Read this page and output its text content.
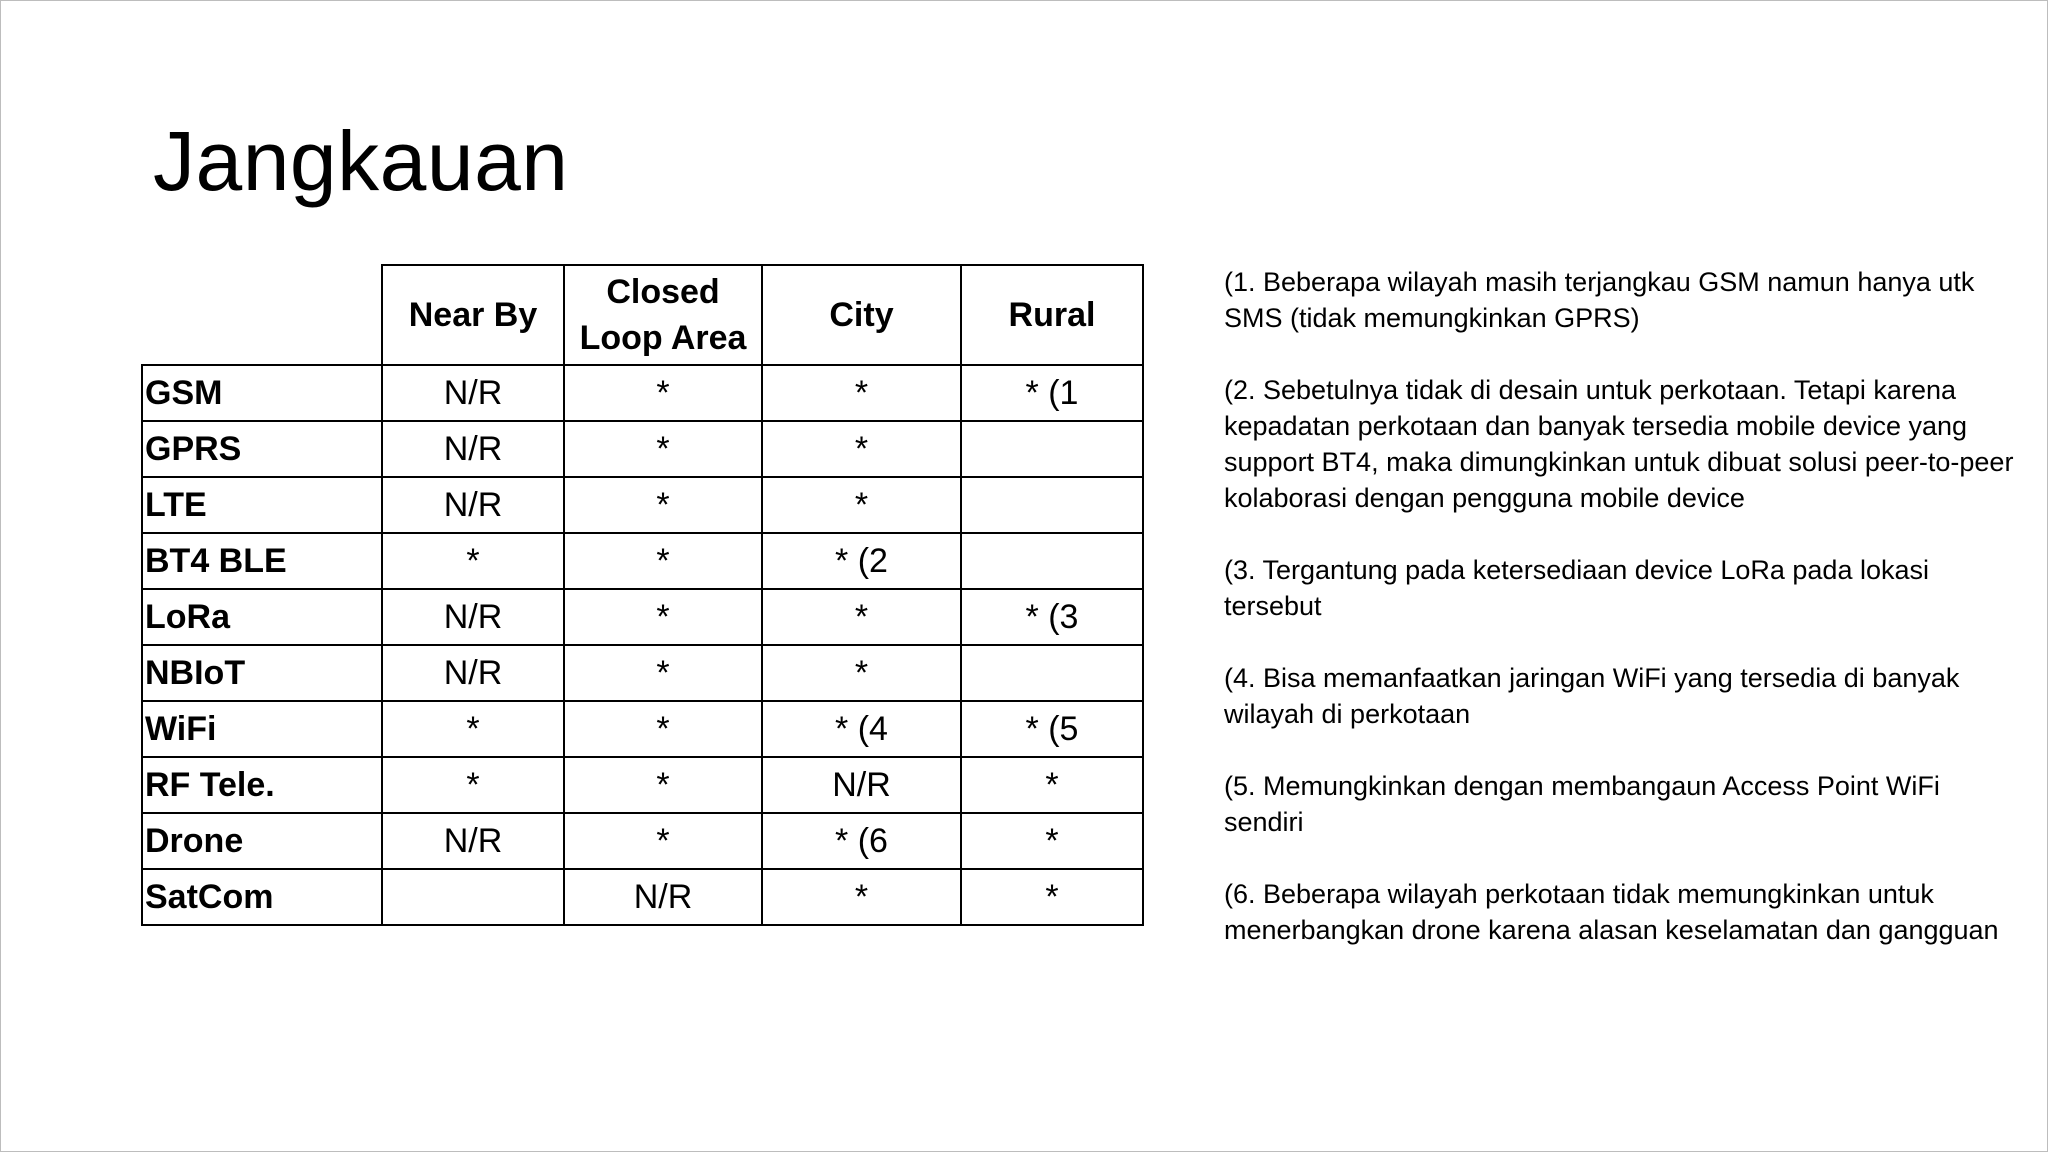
Jangkauan
	Near By	Closed Loop Area	City	Rural
GSM	N/R	*	*	* (1
GPRS	N/R	*	*	
LTE	N/R	*	*	
BT4 BLE	*	*	* (2	
LoRa	N/R	*	*	* (3
NBIoT	N/R	*	*	
WiFi	*	*	* (4	* (5
RF Tele.	*	*	N/R	*
Drone	N/R	*	* (6	*
SatCom		N/R	*	*

(1. Beberapa wilayah masih terjangkau GSM namun hanya utk SMS (tidak memungkinkan GPRS)

(2. Sebetulnya tidak di desain untuk perkotaan. Tetapi karena kepadatan perkotaan dan banyak tersedia mobile device yang support BT4, maka dimungkinkan untuk dibuat solusi peer-to-peer kolaborasi dengan pengguna mobile device

(3. Tergantung pada ketersediaan device LoRa pada lokasi tersebut

(4. Bisa memanfaatkan jaringan WiFi yang tersedia di banyak wilayah di perkotaan

(5. Memungkinkan dengan membangaun Access Point WiFi sendiri

(6. Beberapa wilayah perkotaan tidak memungkinkan untuk menerbangkan drone karena alasan keselamatan dan gangguan
